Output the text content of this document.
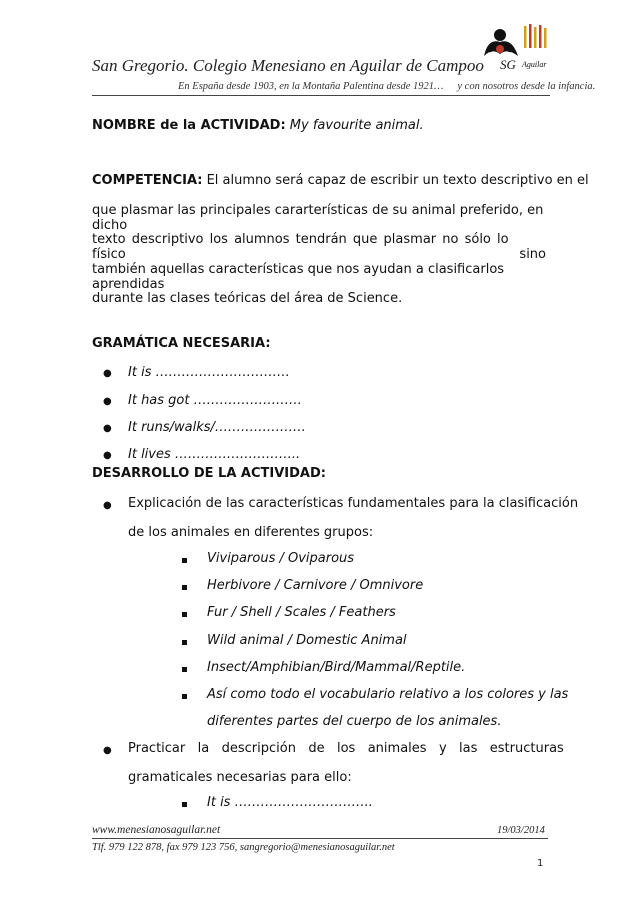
San Gregorio. Colegio Menesiano en Aguilar de Campoo
En España desde 1903, en la Montaña Palentina desde 1921… y con nosotros desde la infancia.
SG Aguilar
NOMBRE de la ACTIVIDAD: My favourite animal.
COMPETENCIA: El alumno será capaz de escribir un texto descriptivo en el
que plasmar las principales cararterísticas de su animal preferido, en dicho
texto descriptivo los alumnos tendrán que plasmar no sólo lo físico sino
también aquellas características que nos ayudan a clasificarlos aprendidas
durante las clases teóricas del área de Science.
GRAMÁTICA NECESARIA:
● It is ………………………….
● It has got …………………….
● It runs/walks/…………………
● It lives ………………………..
DESARROLLO DE LA ACTIVIDAD:
● Explicación de las características fundamentales para la clasificación
de los animales en diferentes grupos:
Viviparous / Oviparous
Herbivore / Carnivore / Omnivore
Fur / Shell / Scales / Feathers
Wild animal / Domestic Animal
Insect/Amphibian/Bird/Mammal/Reptile.
Así como todo el vocabulario relativo a los colores y las
diferentes partes del cuerpo de los animales.
● Practicar   la   descripción   de   los   animales   y   las   estructuras
gramaticales necesarias para ello:
It is …………………………..
www.menesianosaguilar.net	19/03/2014
Tlf. 979 122 878, fax 979 123 756, sangregorio@menesianosaguilar.net
1
